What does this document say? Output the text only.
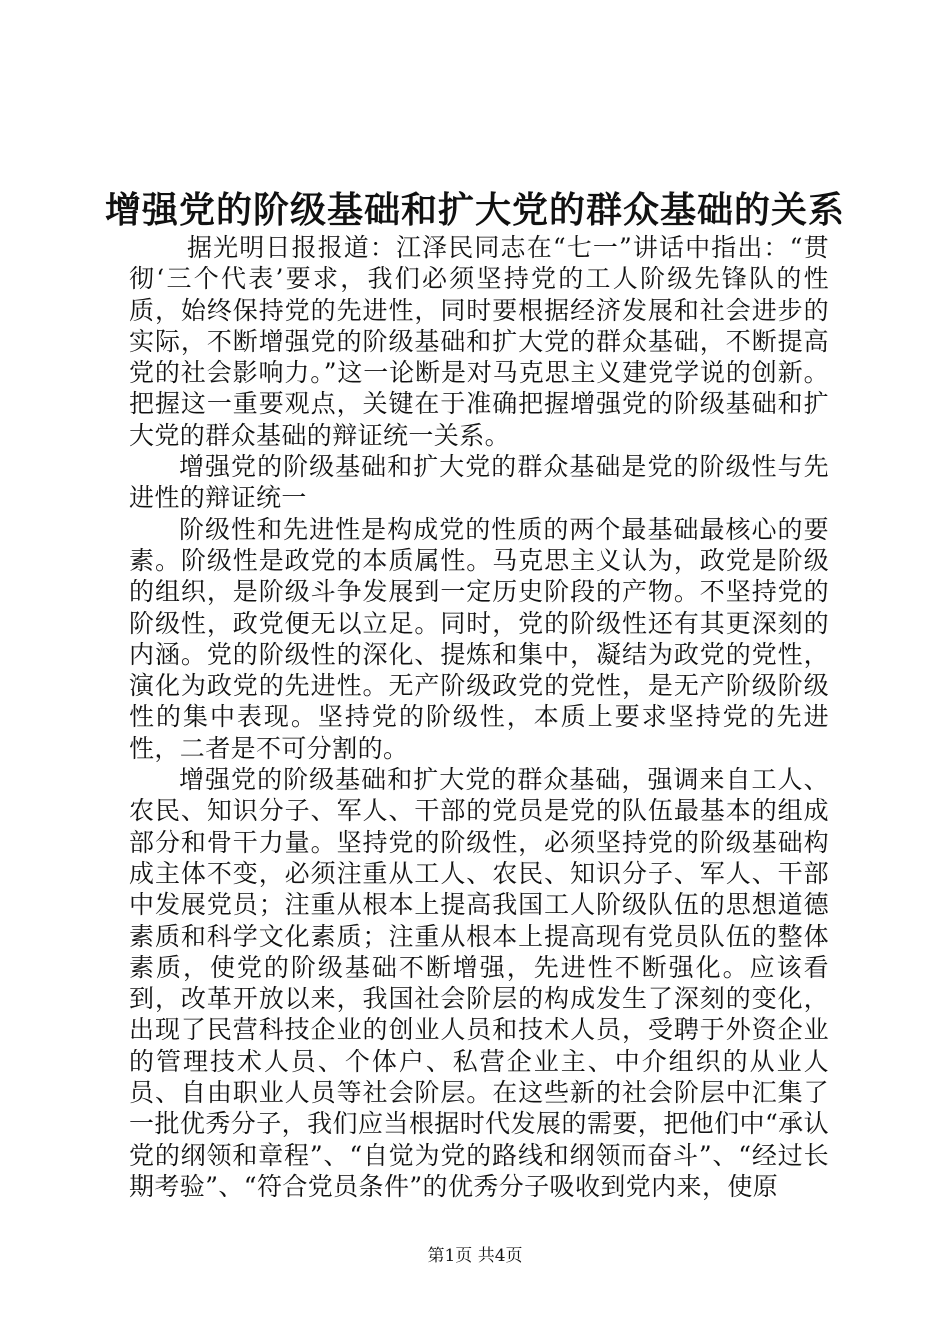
增强党的阶级基础和扩大党的群众基础的关系

据光明日报报道：江泽民同志在“七一”讲话中指出：“贯彻‘三个代表’要求，我们必须坚持党的工人阶级先锋队的性质，始终保持党的先进性，同时要根据经济发展和社会进步的实际，不断增强党的阶级基础和扩大党的群众基础，不断提高党的社会影响力。”这一论断是对马克思主义建党学说的创新。把握这一重要观点，关键在于准确把握增强党的阶级基础和扩大党的群众基础的辩证统一关系。

增强党的阶级基础和扩大党的群众基础是党的阶级性与先进性的辩证统一

阶级性和先进性是构成党的性质的两个最基础最核心的要素。阶级性是政党的本质属性。马克思主义认为，政党是阶级的组织，是阶级斗争发展到一定历史阶段的产物。不坚持党的阶级性，政党便无以立足。同时，党的阶级性还有其更深刻的内涵。党的阶级性的深化、提炼和集中，凝结为政党的党性，演化为政党的先进性。无产阶级政党的党性，是无产阶级阶级性的集中表现。坚持党的阶级性，本质上要求坚持党的先进性，二者是不可分割的。

增强党的阶级基础和扩大党的群众基础，强调来自工人、农民、知识分子、军人、干部的党员是党的队伍最基本的组成部分和骨干力量。坚持党的阶级性，必须坚持党的阶级基础构成主体不变，必须注重从工人、农民、知识分子、军人、干部中发展党员；注重从根本上提高我国工人阶级队伍的思想道德素质和科学文化素质；注重从根本上提高现有党员队伍的整体素质，使党的阶级基础不断增强，先进性不断强化。应该看到，改革开放以来，我国社会阶层的构成发生了深刻的变化，出现了民营科技企业的创业人员和技术人员，受聘于外资企业的管理技术人员、个体户、私营企业主、中介组织的从业人员、自由职业人员等社会阶层。在这些新的社会阶层中汇集了一批优秀分子，我们应当根据时代发展的需要，把他们中“承认党的纲领和章程”、“自觉为党的路线和纲领而奋斗”、“经过长期考验”、“符合党员条件”的优秀分子吸收到党内来，使原

第1页 共4页
